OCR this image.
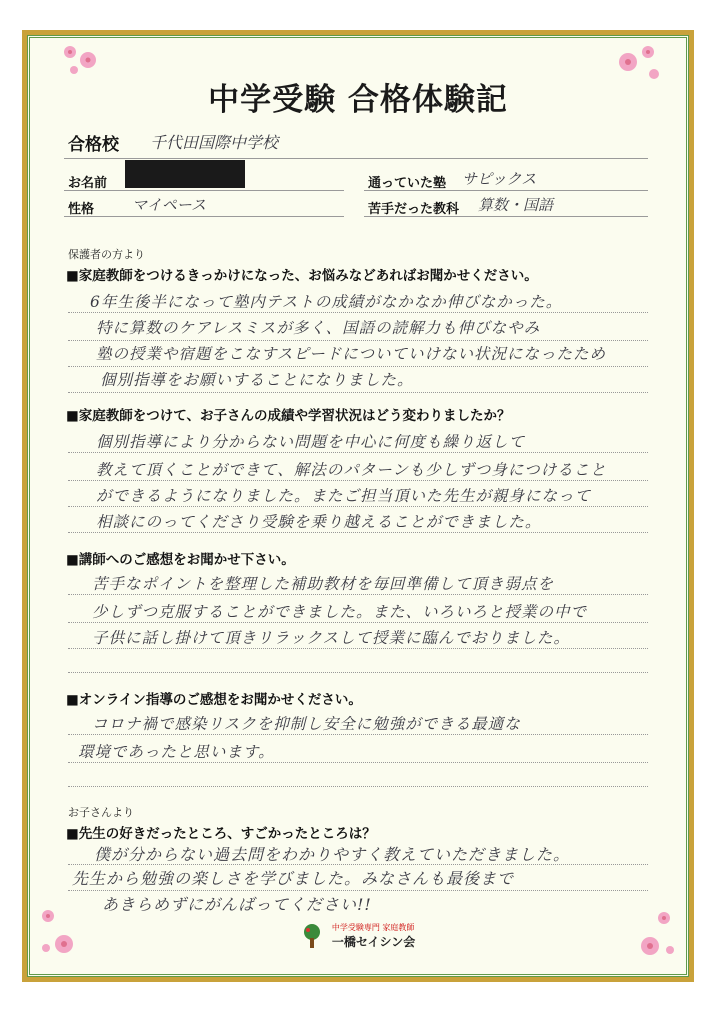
中学受験 合格体験記
合格校 千代田国際中学校
お名前	通っていた塾 サピックス
性格	マイペース	苦手だった教科 算数・国語
保護者の方より
■家庭教師をつけるきっかけになった、お悩みなどあればお聞かせください。
6年生後半になって塾内テストの成績がなかなか伸びなかった。
特に算数のケアレスミスが多く、国語の読解力も伸びなやみ
塾の授業や宿題をこなすスピードについていけない状況になったため
個別指導をお願いすることになりました。
■家庭教師をつけて、お子さんの成績や学習状況はどう変わりましたか？
個別指導により分からない問題を中心に何度も繰り返して
教えて頂くことができて、解法のパターンも少しずつ身につけること
ができるようになりました。またご担当頂いた先生が親身になって
相談にのってくださり受験を乗り越えることができました。
■講師へのご感想をお聞かせ下さい。
苦手なポイントを整理した補助教材を毎回準備して頂き弱点を
少しずつ克服することができました。また、いろいろと授業の中で
子供に話し掛けて頂きリラックスして授業に臨んでおりました。
■オンライン指導のご感想をお聞かせください。
コロナ禍で感染リスクを抑制し安全に勉強ができる最適な
環境であったと思います。
お子さんより
■先生の好きだったところ、すごかったところは？
僕が分からない過去問をわかりやすく教えていただきました。
先生から勉強の楽しさを学びました。みなさんも最後まで
あきらめずにがんばってください!!

中学受験専門 家庭教師
一橋セイシン会
